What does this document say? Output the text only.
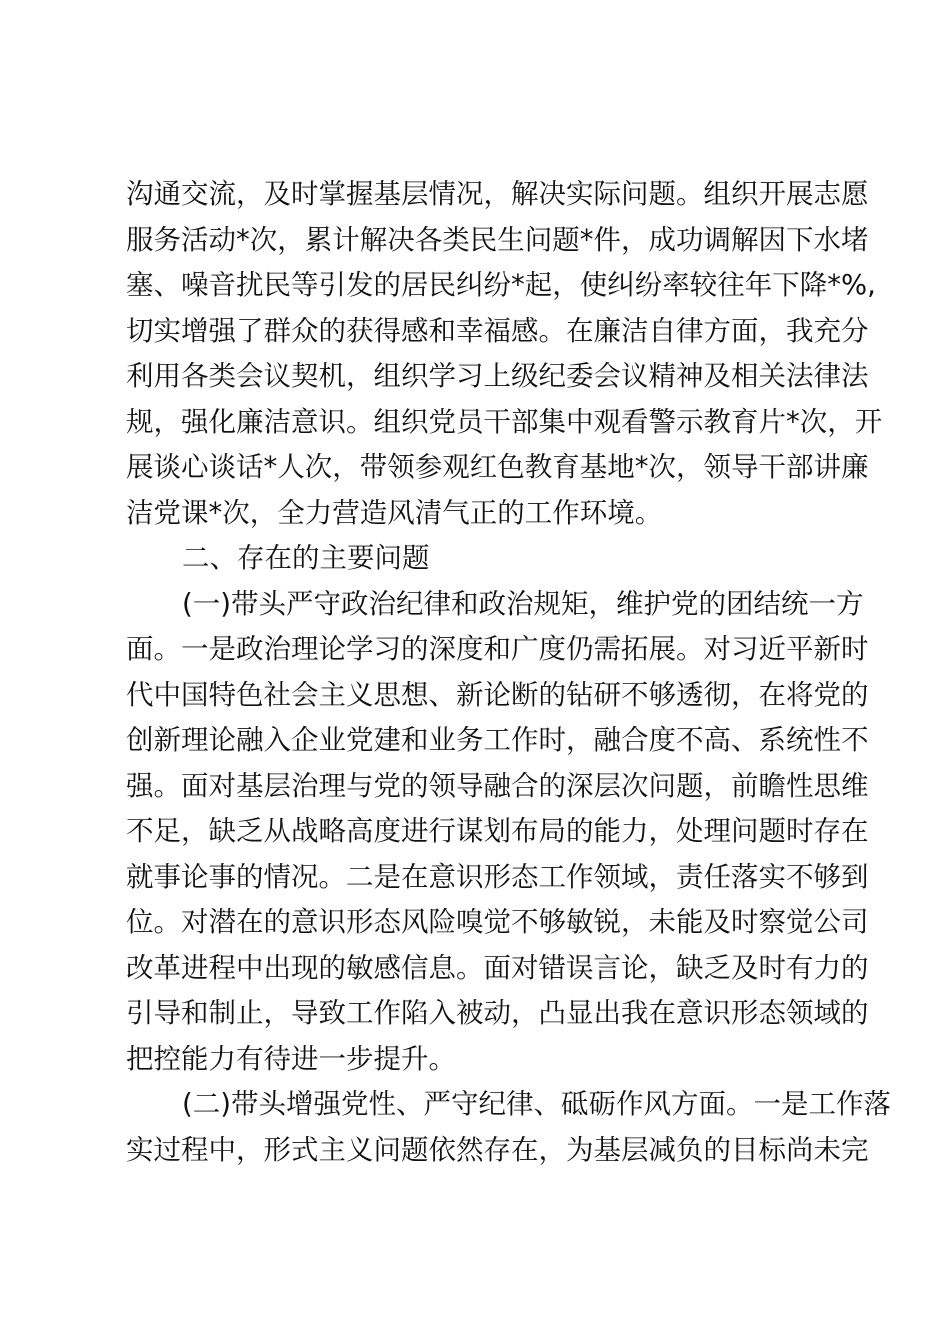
沟通交流，及时掌握基层情况，解决实际问题。组织开展志愿
服务活动*次，累计解决各类民生问题*件，成功调解因下水堵
塞、噪音扰民等引发的居民纠纷*起，使纠纷率较往年下降*%,
切实增强了群众的获得感和幸福感。在廉洁自律方面，我充分
利用各类会议契机，组织学习上级纪委会议精神及相关法律法
规，强化廉洁意识。组织党员干部集中观看警示教育片*次，开
展谈心谈话*人次，带领参观红色教育基地*次，领导干部讲廉
洁党课*次，全力营造风清气正的工作环境。
二、存在的主要问题
(一)带头严守政治纪律和政治规矩，维护党的团结统一方
面。一是政治理论学习的深度和广度仍需拓展。对习近平新时
代中国特色社会主义思想、新论断的钻研不够透彻，在将党的
创新理论融入企业党建和业务工作时，融合度不高、系统性不
强。面对基层治理与党的领导融合的深层次问题，前瞻性思维
不足，缺乏从战略高度进行谋划布局的能力，处理问题时存在
就事论事的情况。二是在意识形态工作领域，责任落实不够到
位。对潜在的意识形态风险嗅觉不够敏锐，未能及时察觉公司
改革进程中出现的敏感信息。面对错误言论，缺乏及时有力的
引导和制止，导致工作陷入被动，凸显出我在意识形态领域的
把控能力有待进一步提升。
(二)带头增强党性、严守纪律、砥砺作风方面。一是工作落
实过程中，形式主义问题依然存在，为基层减负的目标尚未完
